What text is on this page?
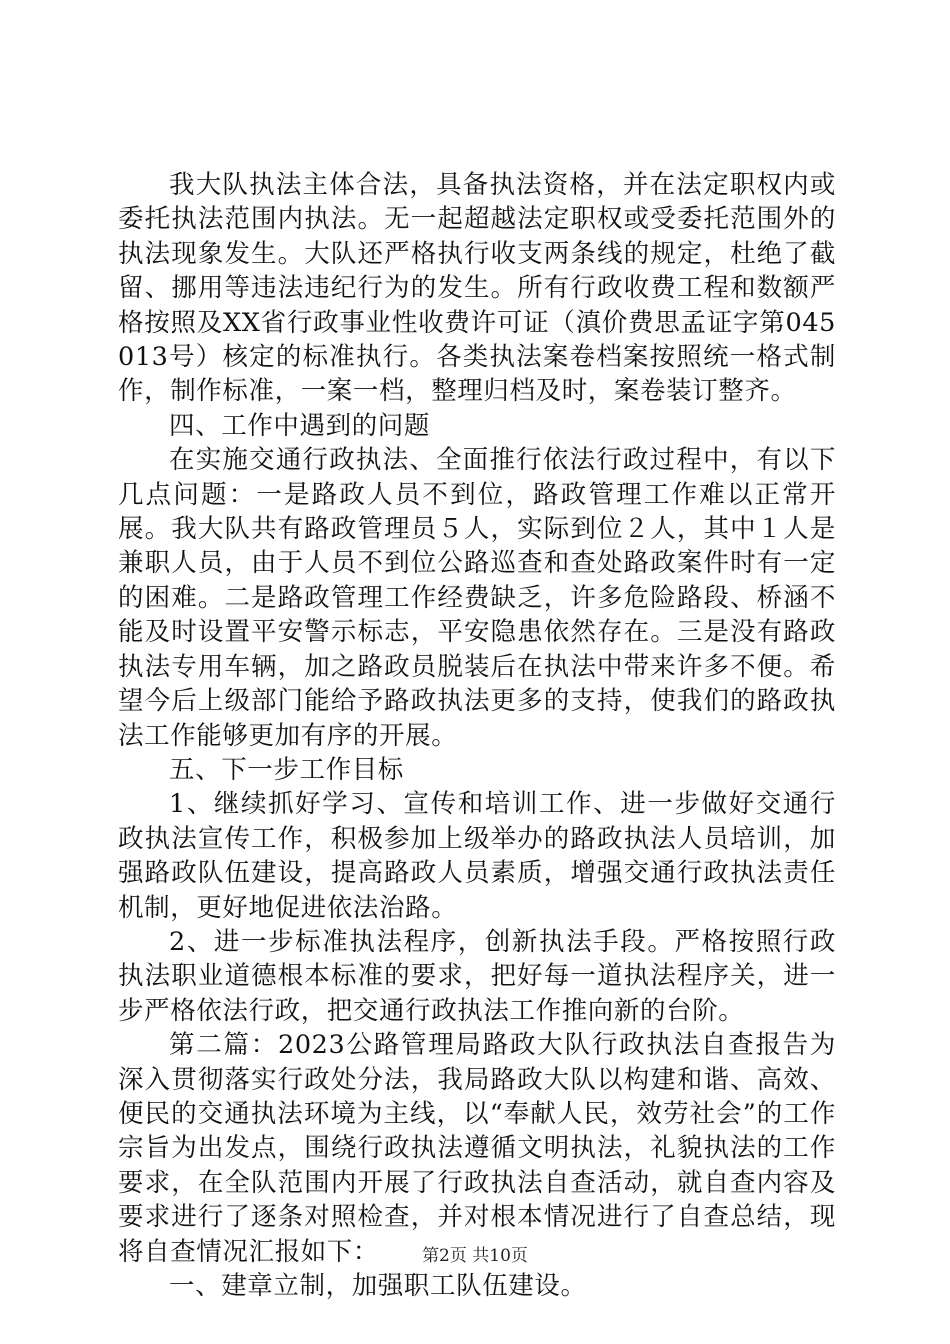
我大队执法主体合法，具备执法资格，并在法定职权内或委托执法范围内执法。无一起超越法定职权或受委托范围外的执法现象发生。大队还严格执行收支两条线的规定，杜绝了截留、挪用等违法违纪行为的发生。所有行政收费工程和数额严格按照及XX省行政事业性收费许可证（滇价费思孟证字第045013号）核定的标准执行。各类执法案卷档案按照统一格式制作，制作标准，一案一档，整理归档及时，案卷装订整齐。

四、工作中遇到的问题

在实施交通行政执法、全面推行依法行政过程中，有以下几点问题：一是路政人员不到位，路政管理工作难以正常开展。我大队共有路政管理员５人，实际到位２人，其中１人是兼职人员，由于人员不到位公路巡查和查处路政案件时有一定的困难。二是路政管理工作经费缺乏，许多危险路段、桥涵不能及时设置平安警示标志，平安隐患依然存在。三是没有路政执法专用车辆，加之路政员脱装后在执法中带来许多不便。希望今后上级部门能给予路政执法更多的支持，使我们的路政执法工作能够更加有序的开展。

五、下一步工作目标

1、继续抓好学习、宣传和培训工作、进一步做好交通行政执法宣传工作，积极参加上级举办的路政执法人员培训，加强路政队伍建设，提高路政人员素质，增强交通行政执法责任机制，更好地促进依法治路。

2、进一步标准执法程序，创新执法手段。严格按照行政执法职业道德根本标准的要求，把好每一道执法程序关，进一步严格依法行政，把交通行政执法工作推向新的台阶。

第二篇：2023公路管理局路政大队行政执法自查报告为深入贯彻落实行政处分法，我局路政大队以构建和谐、高效、便民的交通执法环境为主线，以“奉献人民，效劳社会”的工作宗旨为出发点，围绕行政执法遵循文明执法，礼貌执法的工作要求，在全队范围内开展了行政执法自查活动，就自查内容及要求进行了逐条对照检查，并对根本情况进行了自查总结，现将自查情况汇报如下：

一、建章立制，加强职工队伍建设。

第2页 共10页
